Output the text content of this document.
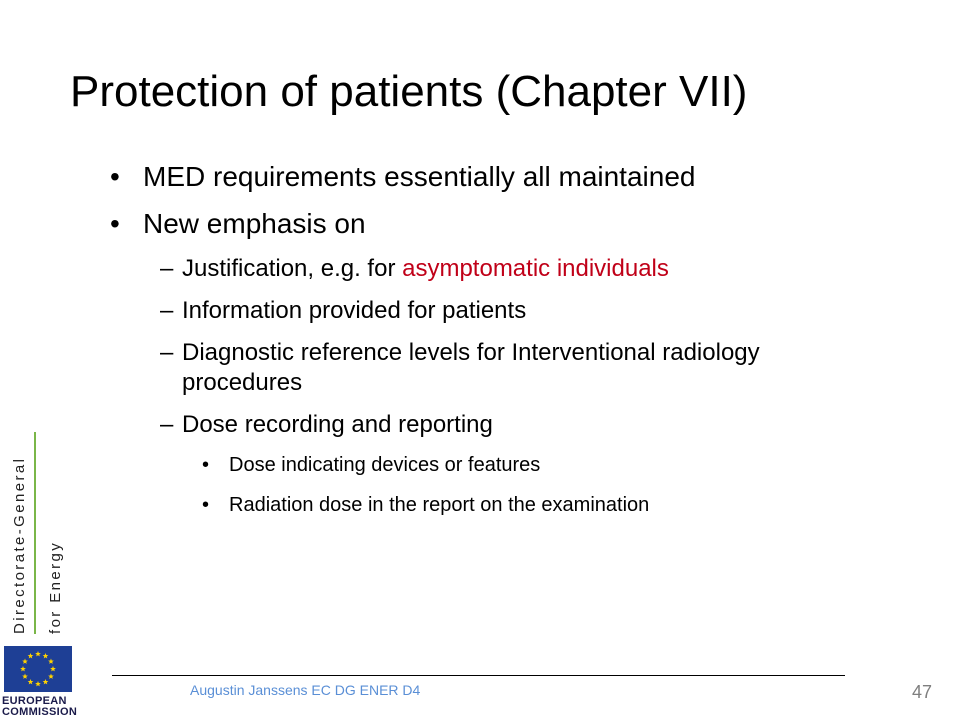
Protection of patients (Chapter VII)
• MED requirements essentially all maintained
• New emphasis on
– Justification, e.g. for asymptomatic individuals
– Information provided for patients
– Diagnostic reference levels for Interventional radiology procedures
– Dose recording and reporting
• Dose indicating devices or features
• Radiation dose in the report on the examination
Directorate-General for Energy
EUROPEAN
COMMISSION
Augustin Janssens EC DG ENER D4	47
